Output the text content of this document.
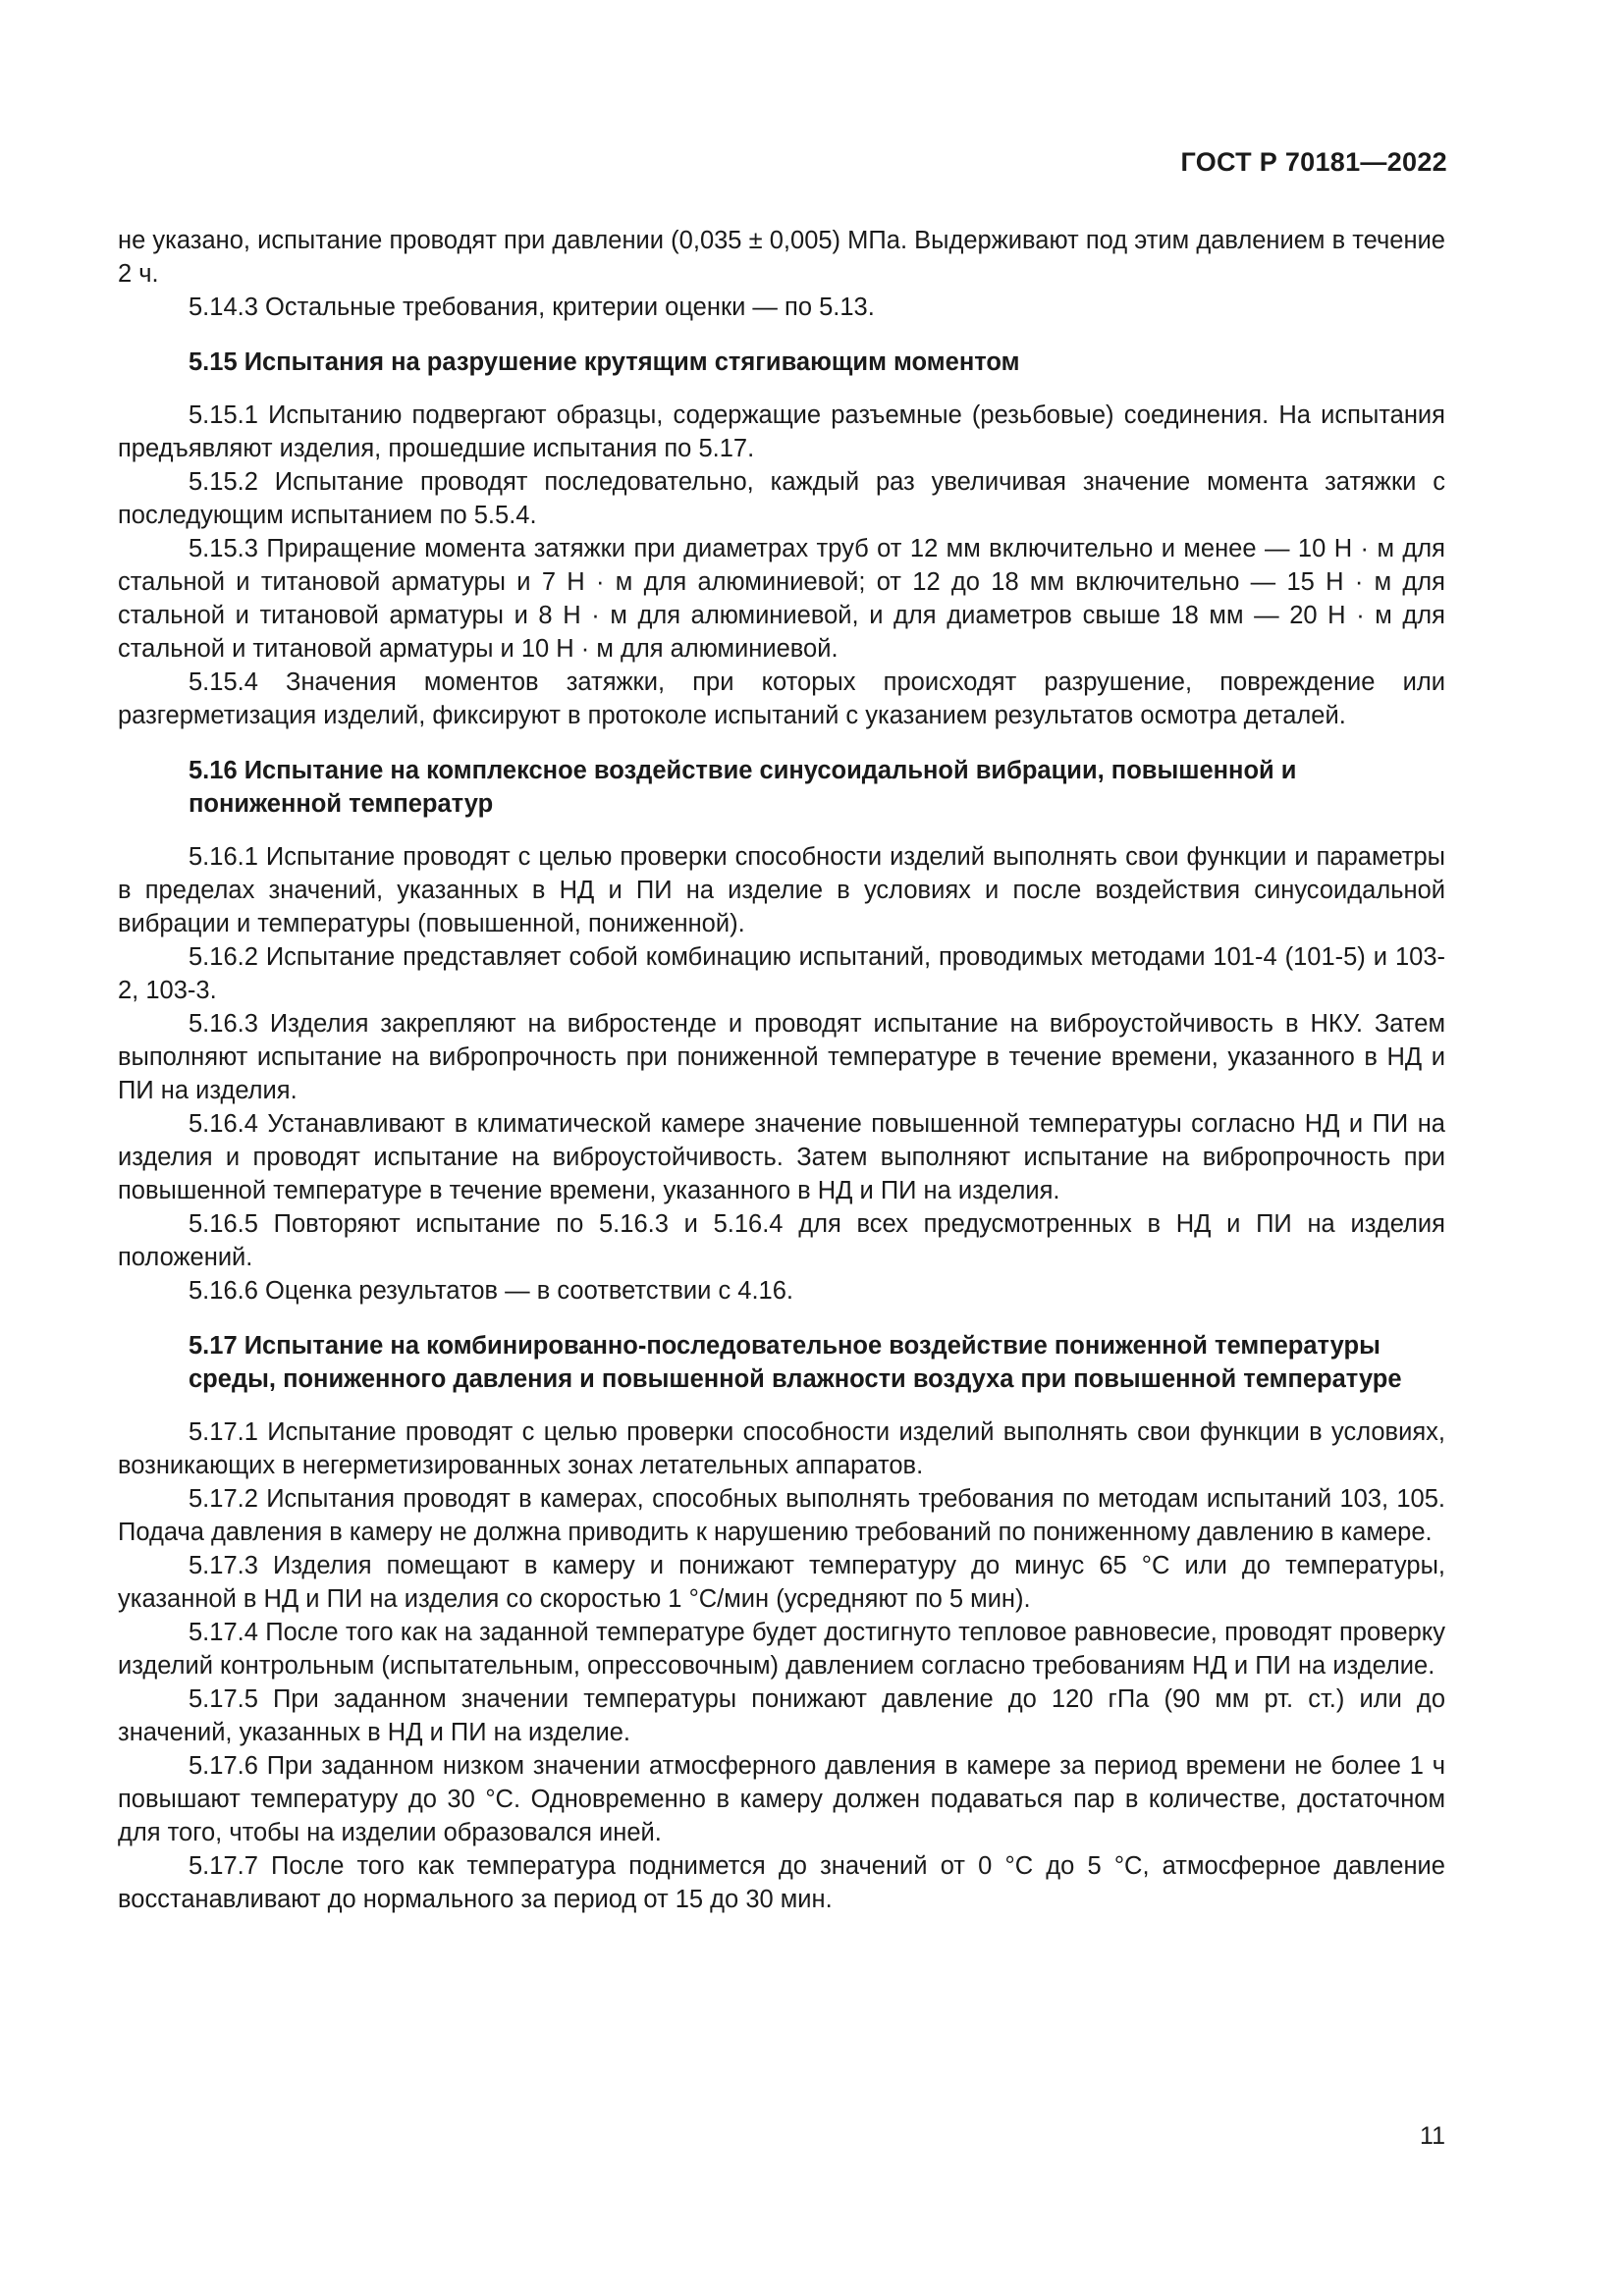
ГОСТ Р 70181—2022

не указано, испытание проводят при давлении (0,035 ± 0,005) МПа. Выдерживают под этим давлением в течение 2 ч.

5.14.3 Остальные требования, критерии оценки — по 5.13.

5.15 Испытания на разрушение крутящим стягивающим моментом

5.15.1 Испытанию подвергают образцы, содержащие разъемные (резьбовые) соединения. На испытания предъявляют изделия, прошедшие испытания по 5.17.

5.15.2 Испытание проводят последовательно, каждый раз увеличивая значение момента затяжки с последующим испытанием по 5.5.4.

5.15.3 Приращение момента затяжки при диаметрах труб от 12 мм включительно и менее — 10 Н · м для стальной и титановой арматуры и 7 Н · м для алюминиевой; от 12 до 18 мм включительно — 15 Н · м для стальной и титановой арматуры и 8 Н · м для алюминиевой, и для диаметров свыше 18 мм — 20 Н · м для стальной и титановой арматуры и 10 Н · м для алюминиевой.

5.15.4 Значения моментов затяжки, при которых происходят разрушение, повреждение или разгерметизация изделий, фиксируют в протоколе испытаний с указанием результатов осмотра деталей.

5.16 Испытание на комплексное воздействие синусоидальной вибрации, повышенной и пониженной температур

5.16.1 Испытание проводят с целью проверки способности изделий выполнять свои функции и параметры в пределах значений, указанных в НД и ПИ на изделие в условиях и после воздействия синусоидальной вибрации и температуры (повышенной, пониженной).

5.16.2 Испытание представляет собой комбинацию испытаний, проводимых методами 101-4 (101-5) и 103-2, 103-3.

5.16.3 Изделия закрепляют на вибростенде и проводят испытание на виброустойчивость в НКУ. Затем выполняют испытание на вибропрочность при пониженной температуре в течение времени, указанного в НД и ПИ на изделия.

5.16.4 Устанавливают в климатической камере значение повышенной температуры согласно НД и ПИ на изделия и проводят испытание на виброустойчивость. Затем выполняют испытание на вибропрочность при повышенной температуре в течение времени, указанного в НД и ПИ на изделия.

5.16.5 Повторяют испытание по 5.16.3 и 5.16.4 для всех предусмотренных в НД и ПИ на изделия положений.

5.16.6 Оценка результатов — в соответствии с 4.16.

5.17 Испытание на комбинированно-последовательное воздействие пониженной температуры среды, пониженного давления и повышенной влажности воздуха при повышенной температуре

5.17.1 Испытание проводят с целью проверки способности изделий выполнять свои функции в условиях, возникающих в негерметизированных зонах летательных аппаратов.

5.17.2 Испытания проводят в камерах, способных выполнять требования по методам испытаний 103, 105. Подача давления в камеру не должна приводить к нарушению требований по пониженному давлению в камере.

5.17.3 Изделия помещают в камеру и понижают температуру до минус 65 °С или до температуры, указанной в НД и ПИ на изделия со скоростью 1 °С/мин (усредняют по 5 мин).

5.17.4 После того как на заданной температуре будет достигнуто тепловое равновесие, проводят проверку изделий контрольным (испытательным, опрессовочным) давлением согласно требованиям НД и ПИ на изделие.

5.17.5 При заданном значении температуры понижают давление до 120 гПа (90 мм рт. ст.) или до значений, указанных в НД и ПИ на изделие.

5.17.6 При заданном низком значении атмосферного давления в камере за период времени не более 1 ч повышают температуру до 30 °С. Одновременно в камеру должен подаваться пар в количестве, достаточном для того, чтобы на изделии образовался иней.

5.17.7 После того как температура поднимется до значений от 0 °С до 5 °С, атмосферное давление восстанавливают до нормального за период от 15 до 30 мин.

11
